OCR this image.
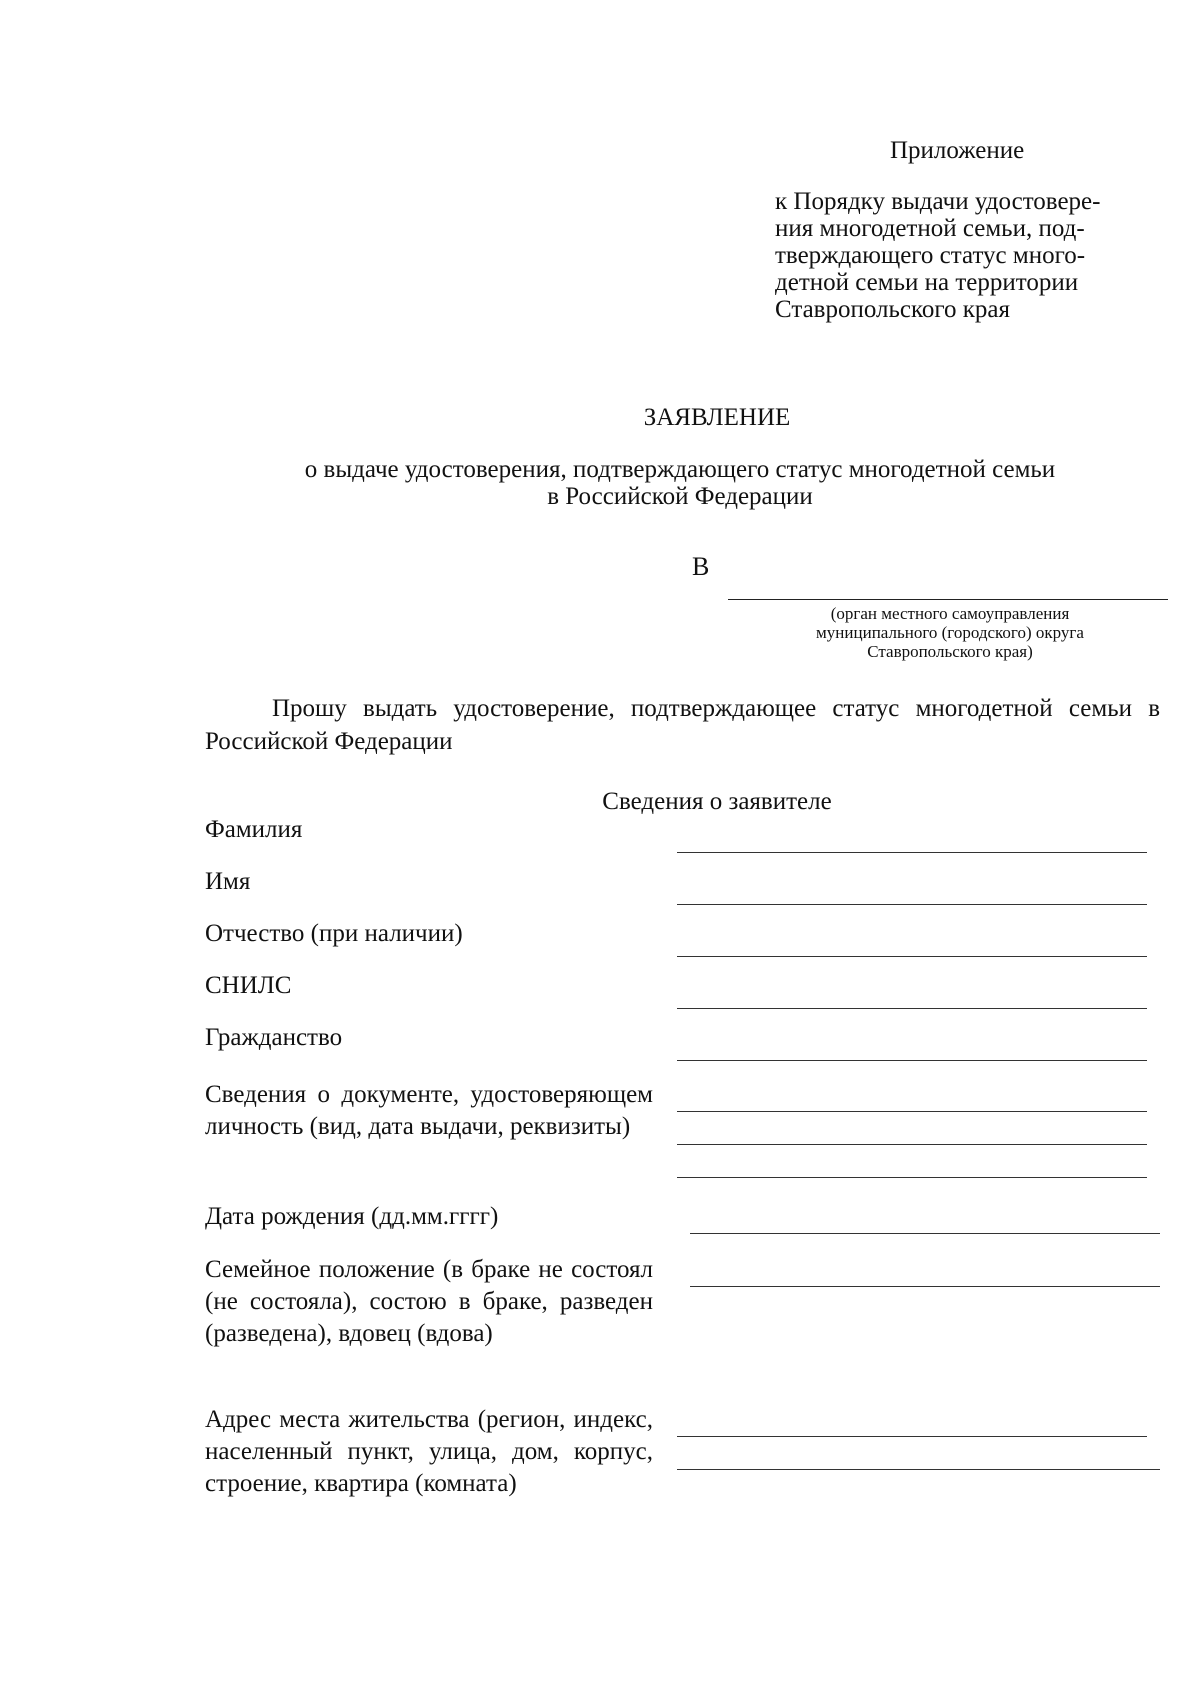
Приложение

к Порядку выдачи удостовере-
ния многодетной семьи, под-
тверждающего статус много-
детной семьи на территории
Ставропольского края

ЗАЯВЛЕНИЕ

о выдаче удостоверения, подтверждающего статус многодетной семьи
в Российской Федерации

В

(орган местного самоуправления
муниципального (городского) округа
Ставропольского края)

Прошу выдать удостоверение, подтверждающее статус многодетной семьи в Российской Федерации

Сведения о заявителе

Фамилия

Имя

Отчество (при наличии)

СНИЛС

Гражданство

Сведения о документе, удостоверяющем личность (вид, дата выдачи, реквизиты)

Дата рождения (дд.мм.гггг)

Семейное положение (в браке не состоял (не состояла), состою в браке, разведен (разведена), вдовец (вдова)

Адрес места жительства (регион, индекс, населенный пункт, улица, дом, корпус, строение, квартира (комната)
